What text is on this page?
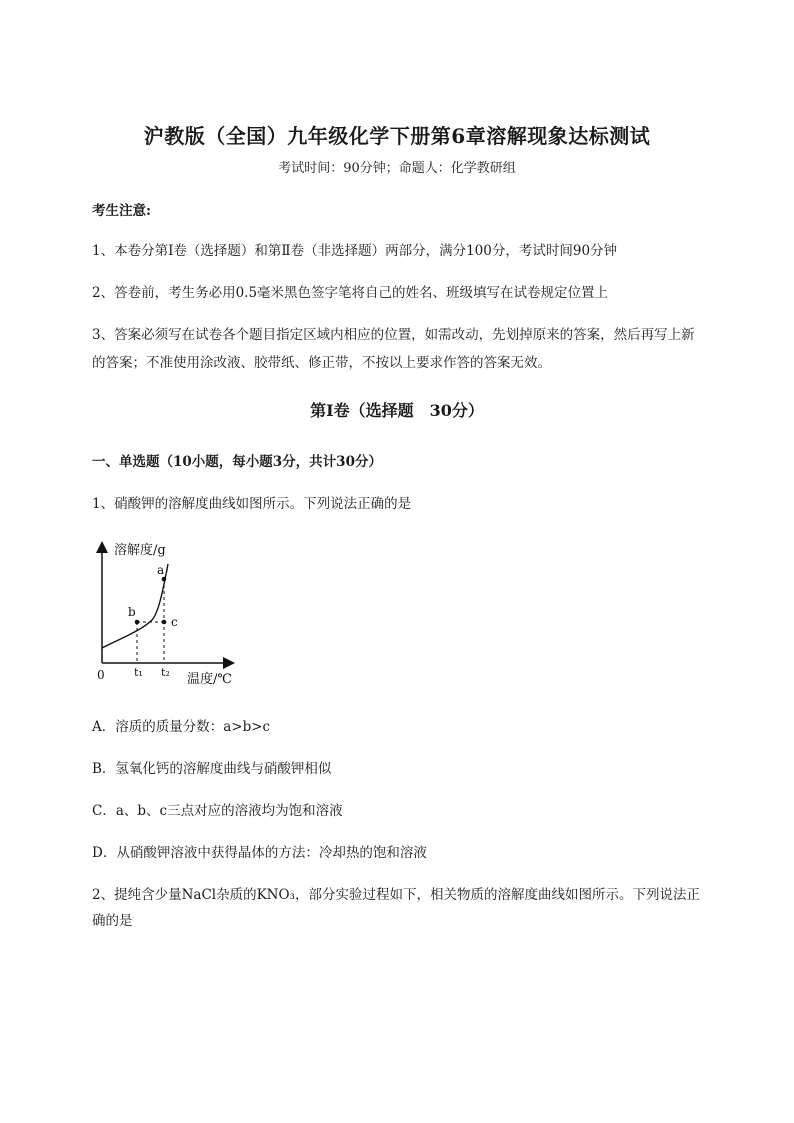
沪教版（全国）九年级化学下册第6章溶解现象达标测试
考试时间：90分钟；命题人：化学教研组
考生注意:
1、本卷分第I卷（选择题）和第Ⅱ卷（非选择题）两部分，满分100分，考试时间90分钟
2、答卷前，考生务必用0.5毫米黑色签字笔将自己的姓名、班级填写在试卷规定位置上
3、答案必须写在试卷各个题目指定区域内相应的位置，如需改动，先划掉原来的答案，然后再写上新的答案；不准使用涂改液、胶带纸、修正带，不按以上要求作答的答案无效。
第I卷（选择题　30分）
一、单选题（10小题，每小题3分，共计30分）
1、硝酸钾的溶解度曲线如图所示。下列说法正确的是
溶解度/g
温度/℃
0	t₁ t₂
a
b
c
A．溶质的质量分数：a>b>c
B．氢氧化钙的溶解度曲线与硝酸钾相似
C．a、b、c三点对应的溶液均为饱和溶液
D．从硝酸钾溶液中获得晶体的方法：冷却热的饱和溶液
2、提纯含少量NaCl杂质的KNO₃，部分实验过程如下，相关物质的溶解度曲线如图所示。下列说法正
确的是
